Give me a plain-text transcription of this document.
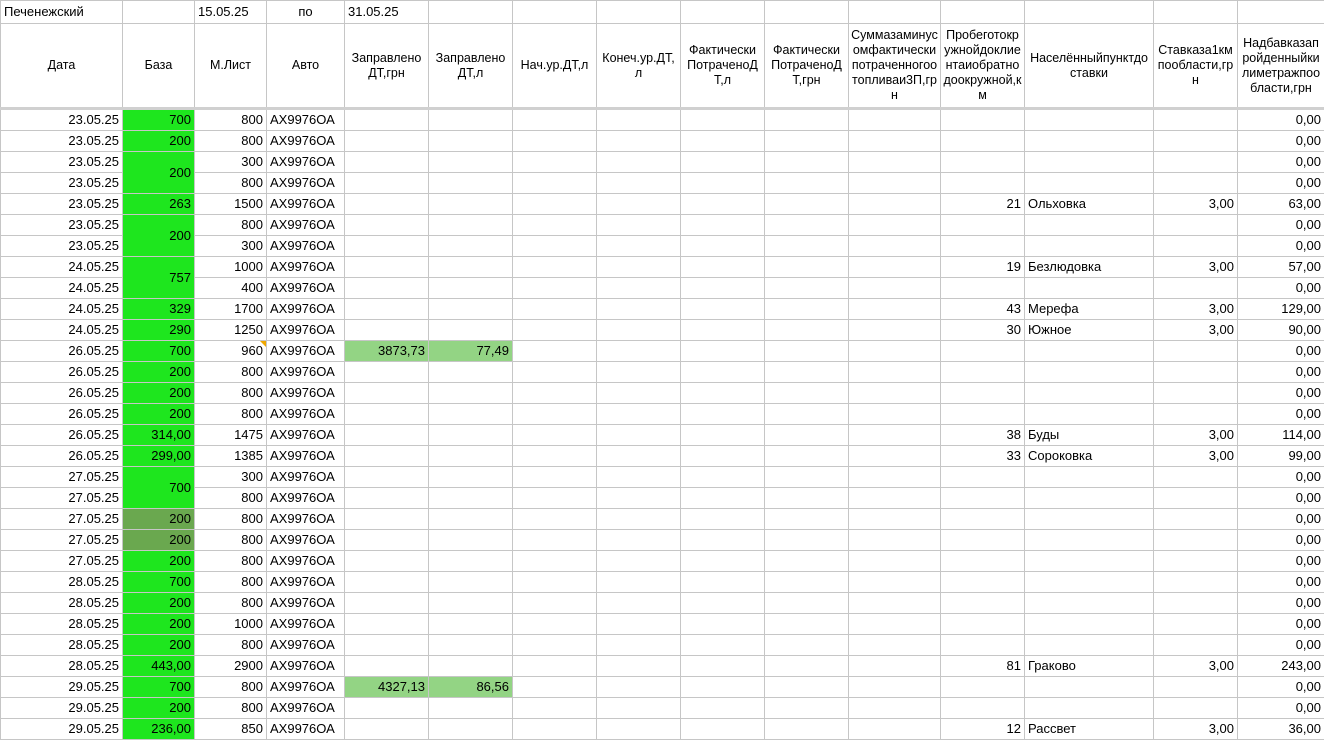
Печенежский		15.05.25	по	31.05.25										
Дата	База	М.Лист	Авто	Заправлено ДТ,грн	Заправлено ДТ,л	Нач.ур.ДТ,л	Конеч.ур.ДТ,л	Фактически ПотраченоДТ,л	Фактически ПотраченоДТ,грн	Суммазаминусомфактическипотраченногоотопливаи3П,грн	Пробеготокружнойдоклиентаиобратнодоокружной,км	Населённыйпунктдоставки	Ставказа1кмпообласти,грн	Надбавказапройденныйкилиметражпообласти,грн
23.05.25	700	800	АХ9976ОА											0,00
23.05.25	200	800	АХ9976ОА											0,00
23.05.25	200	300	АХ9976ОА											0,00
23.05.25		800	АХ9976ОА											0,00
23.05.25	263	1500	АХ9976ОА								21	Ольховка	3,00	63,00
23.05.25	200	800	АХ9976ОА											0,00
23.05.25		300	АХ9976ОА											0,00
24.05.25	757	1000	АХ9976ОА								19	Безлюдовка	3,00	57,00
24.05.25		400	АХ9976ОА											0,00
24.05.25	329	1700	АХ9976ОА								43	Мерефа	3,00	129,00
24.05.25	290	1250	АХ9976ОА								30	Южное	3,00	90,00
26.05.25	700	960	АХ9976ОА	3873,73	77,49									0,00
26.05.25	200	800	АХ9976ОА											0,00
26.05.25	200	800	АХ9976ОА											0,00
26.05.25	200	800	АХ9976ОА											0,00
26.05.25	314,00	1475	АХ9976ОА								38	Буды	3,00	114,00
26.05.25	299,00	1385	АХ9976ОА								33	Сороковка	3,00	99,00
27.05.25	700	300	АХ9976ОА											0,00
27.05.25		800	АХ9976ОА											0,00
27.05.25	200	800	АХ9976ОА											0,00
27.05.25	200	800	АХ9976ОА											0,00
27.05.25	200	800	АХ9976ОА											0,00
28.05.25	700	800	АХ9976ОА											0,00
28.05.25	200	800	АХ9976ОА											0,00
28.05.25	200	1000	АХ9976ОА											0,00
28.05.25	200	800	АХ9976ОА											0,00
28.05.25	443,00	2900	АХ9976ОА								81	Граково	3,00	243,00
29.05.25	700	800	АХ9976ОА	4327,13	86,56									0,00
29.05.25	200	800	АХ9976ОА											0,00
29.05.25	236,00	850	АХ9976ОА								12	Рассвет	3,00	36,00
